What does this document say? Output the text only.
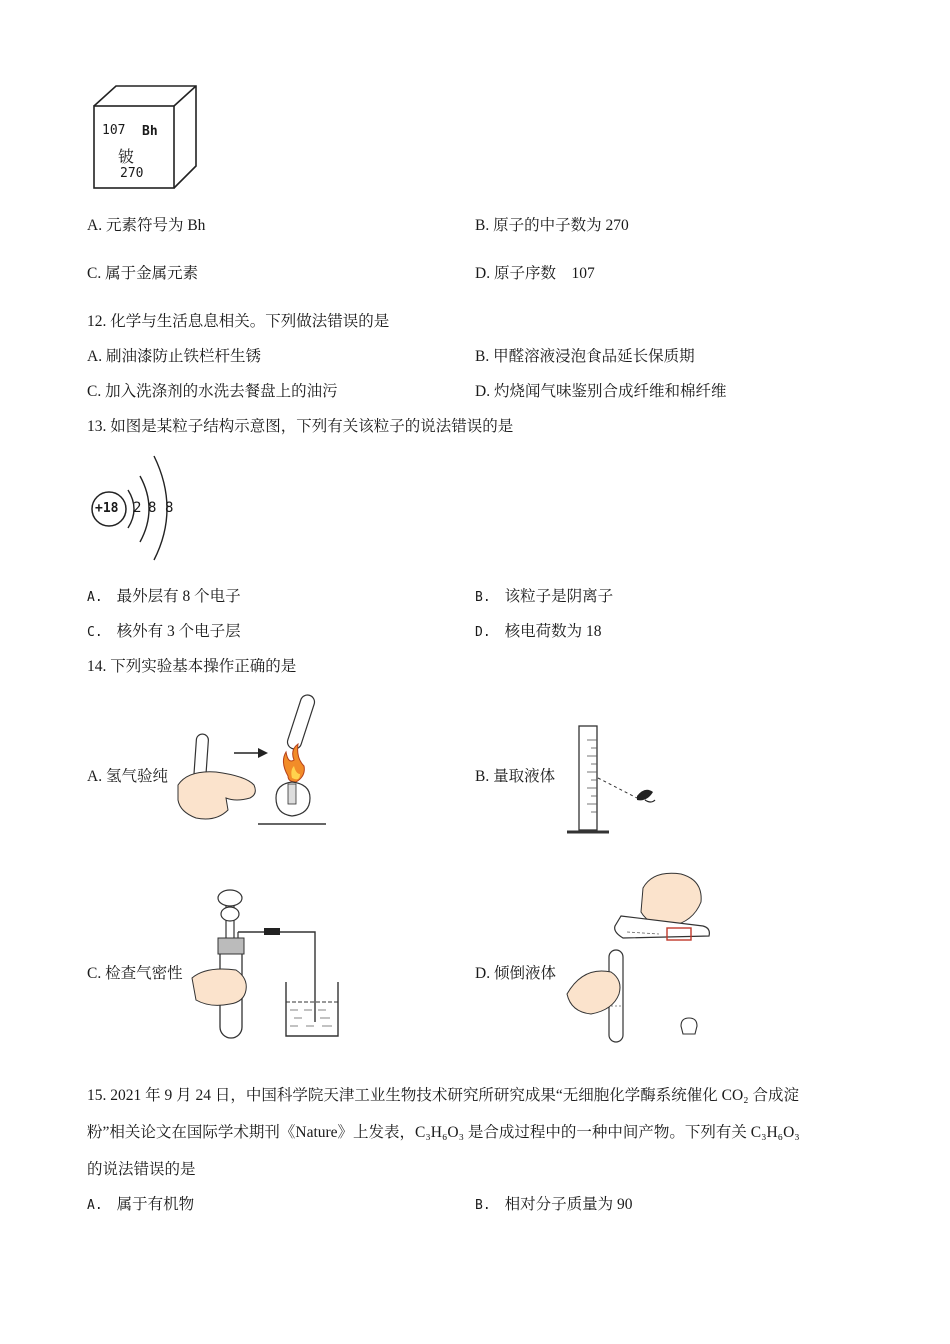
107 Bh
铍
270
A. 元素符号为 Bh	B. 原子的中子数为 270
C. 属于金属元素	D. 原子序数　107
12. 化学与生活息息相关。下列做法错误的是
A. 刷油漆防止铁栏杆生锈	B. 甲醛溶液浸泡食品延长保质期
C. 加入洗涤剂的水洗去餐盘上的油污	D. 灼烧闻气味鉴别合成纤维和棉纤维
13. 如图是某粒子结构示意图，下列有关该粒子的说法错误的是
+18 2 8 8
A. 最外层有 8 个电子	B. 该粒子是阴离子
C. 核外有 3 个电子层	D. 核电荷数为 18
14. 下列实验基本操作正确的是
A. 氢气验纯	B. 量取液体
C. 检查气密性	D. 倾倒液体
15. 2021 年 9 月 24 日，中国科学院天津工业生物技术研究所研究成果“无细胞化学酶系统催化 CO₂ 合成淀
粉”相关论文在国际学术期刊《Nature》上发表，C₃H₆O₃ 是合成过程中的一种中间产物。下列有关 C₃H₆O₃
的说法错误的是
A. 属于有机物	B. 相对分子质量为 90
